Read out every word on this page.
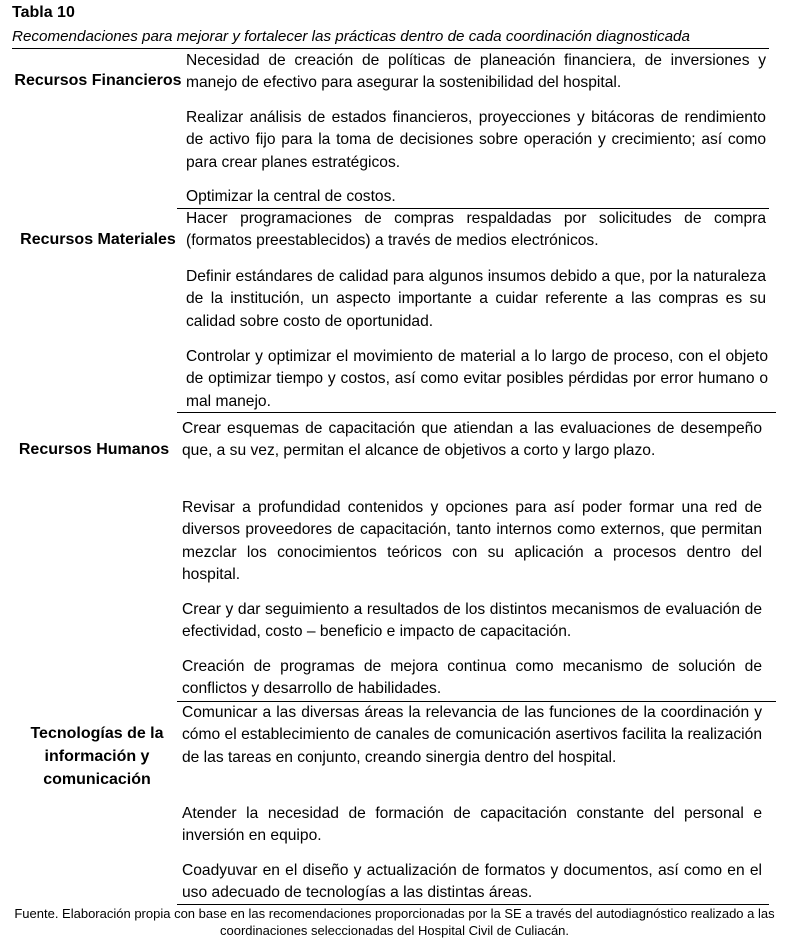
Tabla 10
Recomendaciones para mejorar y fortalecer las prácticas dentro de cada coordinación diagnosticada
Recursos Financieros

Necesidad de creación de políticas de planeación financiera, de inversiones y manejo de efectivo para asegurar la sostenibilidad del hospital.

Realizar análisis de estados financieros, proyecciones y bitácoras de rendimiento de activo fijo para la toma de decisiones sobre operación y crecimiento; así como para crear planes estratégicos.

Optimizar la central de costos.

Recursos Materiales

Hacer programaciones de compras respaldadas por solicitudes de compra (formatos preestablecidos) a través de medios electrónicos.

Definir estándares de calidad para algunos insumos debido a que, por la naturaleza de la institución, un aspecto importante a cuidar referente a las compras es su calidad sobre costo de oportunidad.

Controlar y optimizar el movimiento de material a lo largo de proceso, con el objeto de optimizar tiempo y costos, así como evitar posibles pérdidas por error humano o mal manejo.

Recursos Humanos

Crear esquemas de capacitación que atiendan a las evaluaciones de desempeño que, a su vez, permitan el alcance de objetivos a corto y largo plazo.

Revisar a profundidad contenidos y opciones para así poder formar una red de diversos proveedores de capacitación, tanto internos como externos, que permitan mezclar los conocimientos teóricos con su aplicación a procesos dentro del hospital.

Crear y dar seguimiento a resultados de los distintos mecanismos de evaluación de efectividad, costo – beneficio e impacto de capacitación.

Creación de programas de mejora continua como mecanismo de solución de conflictos y desarrollo de habilidades.

Tecnologías de la información y comunicación

Comunicar a las diversas áreas la relevancia de las funciones de la coordinación y cómo el establecimiento de canales de comunicación asertivos facilita la realización de las tareas en conjunto, creando sinergia dentro del hospital.

Atender la necesidad de formación de capacitación constante del personal e inversión en equipo.

Coadyuvar en el diseño y actualización de formatos y documentos, así como en el uso adecuado de tecnologías a las distintas áreas.

Fuente. Elaboración propia con base en las recomendaciones proporcionadas por la SE a través del autodiagnóstico realizado a las coordinaciones seleccionadas del Hospital Civil de Culiacán.
